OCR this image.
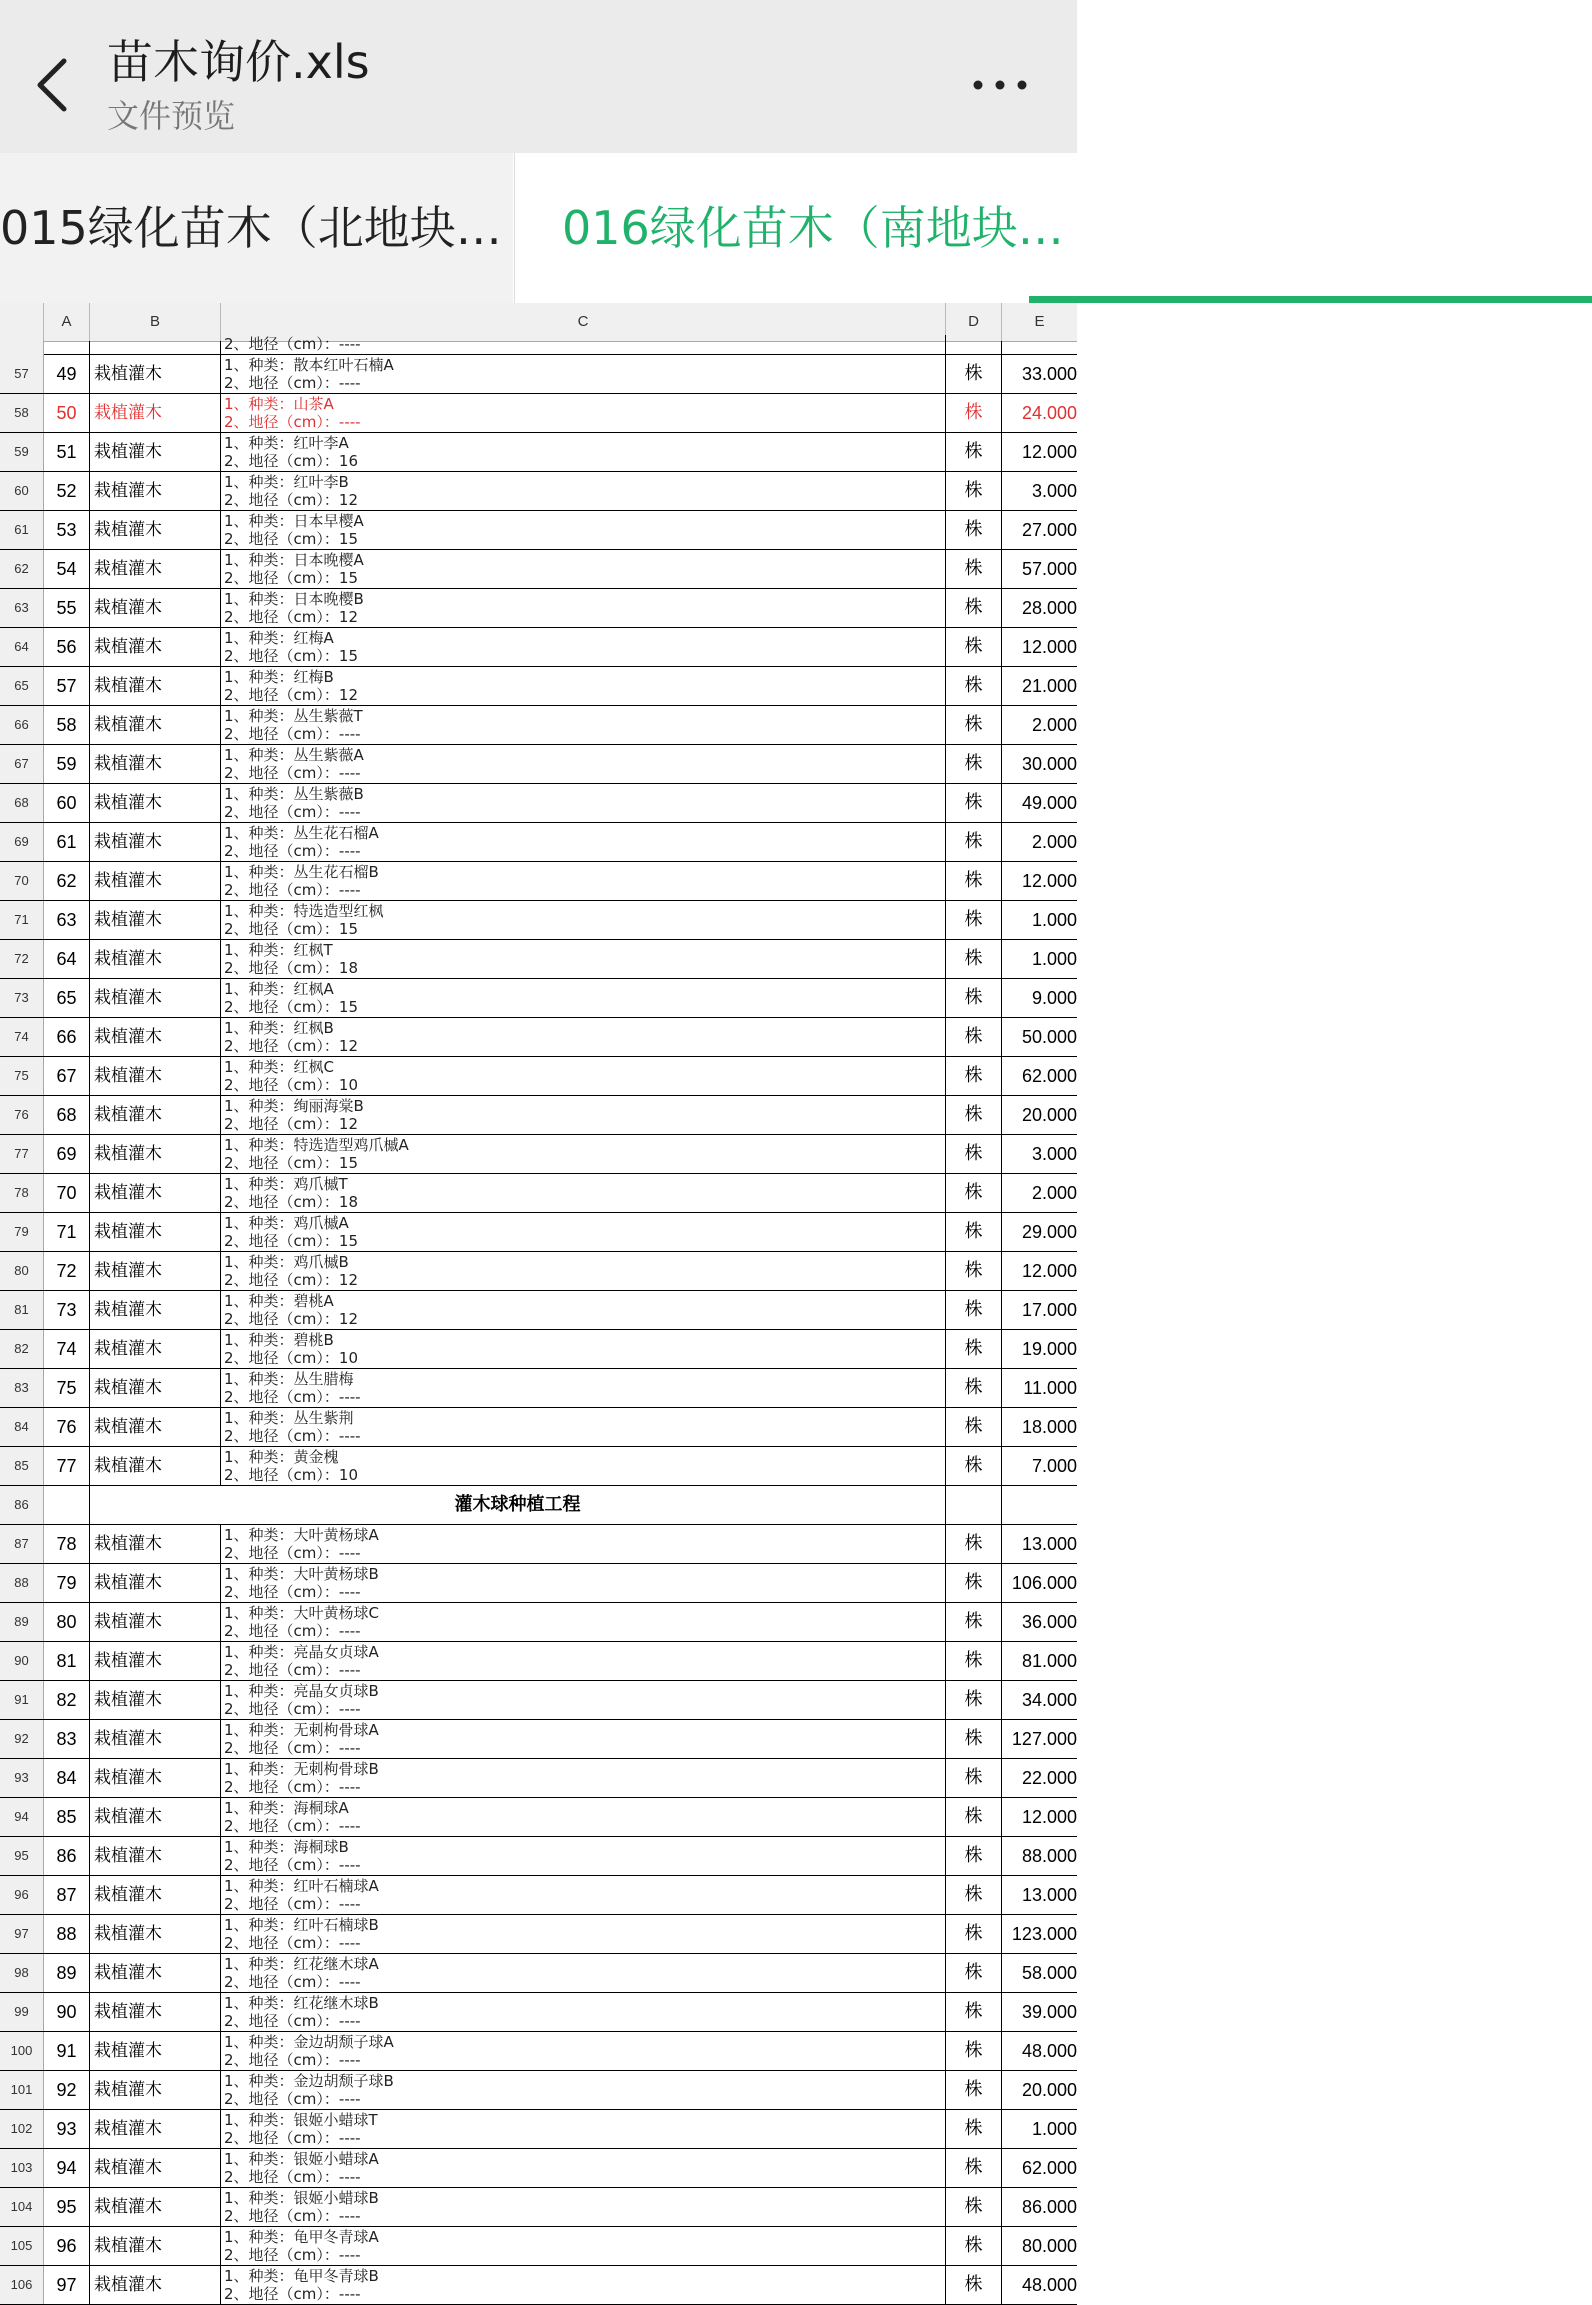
苗木询价.xls
文件预览
015绿化苗木（北地块… 016绿化苗木（南地块…
A	B	C	D	E
2、地径（cm）：----
57	49	栽植灌木	1、种类：散本红叶石楠A
2、地径（cm）：----	株	33.000
58	50	栽植灌木	1、种类：山茶A
2、地径（cm）：----	株	24.000
59	51	栽植灌木	1、种类：红叶李A
2、地径（cm）：16	株	12.000
60	52	栽植灌木	1、种类：红叶李B
2、地径（cm）：12	株	3.000
61	53	栽植灌木	1、种类：日本早樱A
2、地径（cm）：15	株	27.000
62	54	栽植灌木	1、种类：日本晚樱A
2、地径（cm）：15	株	57.000
63	55	栽植灌木	1、种类：日本晚樱B
2、地径（cm）：12	株	28.000
64	56	栽植灌木	1、种类：红梅A
2、地径（cm）：15	株	12.000
65	57	栽植灌木	1、种类：红梅B
2、地径（cm）：12	株	21.000
66	58	栽植灌木	1、种类：丛生紫薇T
2、地径（cm）：----	株	2.000
67	59	栽植灌木	1、种类：丛生紫薇A
2、地径（cm）：----	株	30.000
68	60	栽植灌木	1、种类：丛生紫薇B
2、地径（cm）：----	株	49.000
69	61	栽植灌木	1、种类：丛生花石榴A
2、地径（cm）：----	株	2.000
70	62	栽植灌木	1、种类：丛生花石榴B
2、地径（cm）：----	株	12.000
71	63	栽植灌木	1、种类：特选造型红枫
2、地径（cm）：15	株	1.000
72	64	栽植灌木	1、种类：红枫T
2、地径（cm）：18	株	1.000
73	65	栽植灌木	1、种类：红枫A
2、地径（cm）：15	株	9.000
74	66	栽植灌木	1、种类：红枫B
2、地径（cm）：12	株	50.000
75	67	栽植灌木	1、种类：红枫C
2、地径（cm）：10	株	62.000
76	68	栽植灌木	1、种类：绚丽海棠B
2、地径（cm）：12	株	20.000
77	69	栽植灌木	1、种类：特选造型鸡爪槭A
2、地径（cm）：15	株	3.000
78	70	栽植灌木	1、种类：鸡爪槭T
2、地径（cm）：18	株	2.000
79	71	栽植灌木	1、种类：鸡爪槭A
2、地径（cm）：15	株	29.000
80	72	栽植灌木	1、种类：鸡爪槭B
2、地径（cm）：12	株	12.000
81	73	栽植灌木	1、种类：碧桃A
2、地径（cm）：12	株	17.000
82	74	栽植灌木	1、种类：碧桃B
2、地径（cm）：10	株	19.000
83	75	栽植灌木	1、种类：丛生腊梅
2、地径（cm）：----	株	11.000
84	76	栽植灌木	1、种类：丛生紫荆
2、地径（cm）：----	株	18.000
85	77	栽植灌木	1、种类：黄金槐
2、地径（cm）：10	株	7.000
86	灌木球种植工程
87	78	栽植灌木	1、种类：大叶黄杨球A
2、地径（cm）：----	株	13.000
88	79	栽植灌木	1、种类：大叶黄杨球B
2、地径（cm）：----	株	106.000
89	80	栽植灌木	1、种类：大叶黄杨球C
2、地径（cm）：----	株	36.000
90	81	栽植灌木	1、种类：亮晶女贞球A
2、地径（cm）：----	株	81.000
91	82	栽植灌木	1、种类：亮晶女贞球B
2、地径（cm）：----	株	34.000
92	83	栽植灌木	1、种类：无刺枸骨球A
2、地径（cm）：----	株	127.000
93	84	栽植灌木	1、种类：无刺枸骨球B
2、地径（cm）：----	株	22.000
94	85	栽植灌木	1、种类：海桐球A
2、地径（cm）：----	株	12.000
95	86	栽植灌木	1、种类：海桐球B
2、地径（cm）：----	株	88.000
96	87	栽植灌木	1、种类：红叶石楠球A
2、地径（cm）：----	株	13.000
97	88	栽植灌木	1、种类：红叶石楠球B
2、地径（cm）：----	株	123.000
98	89	栽植灌木	1、种类：红花继木球A
2、地径（cm）：----	株	58.000
99	90	栽植灌木	1、种类：红花继木球B
2、地径（cm）：----	株	39.000
100	91	栽植灌木	1、种类：金边胡颓子球A
2、地径（cm）：----	株	48.000
101	92	栽植灌木	1、种类：金边胡颓子球B
2、地径（cm）：----	株	20.000
102	93	栽植灌木	1、种类：银姬小蜡球T
2、地径（cm）：----	株	1.000
103	94	栽植灌木	1、种类：银姬小蜡球A
2、地径（cm）：----	株	62.000
104	95	栽植灌木	1、种类：银姬小蜡球B
2、地径（cm）：----	株	86.000
105	96	栽植灌木	1、种类：龟甲冬青球A
2、地径（cm）：----	株	80.000
106	97	栽植灌木	1、种类：龟甲冬青球B
2、地径（cm）：----	株	48.000
